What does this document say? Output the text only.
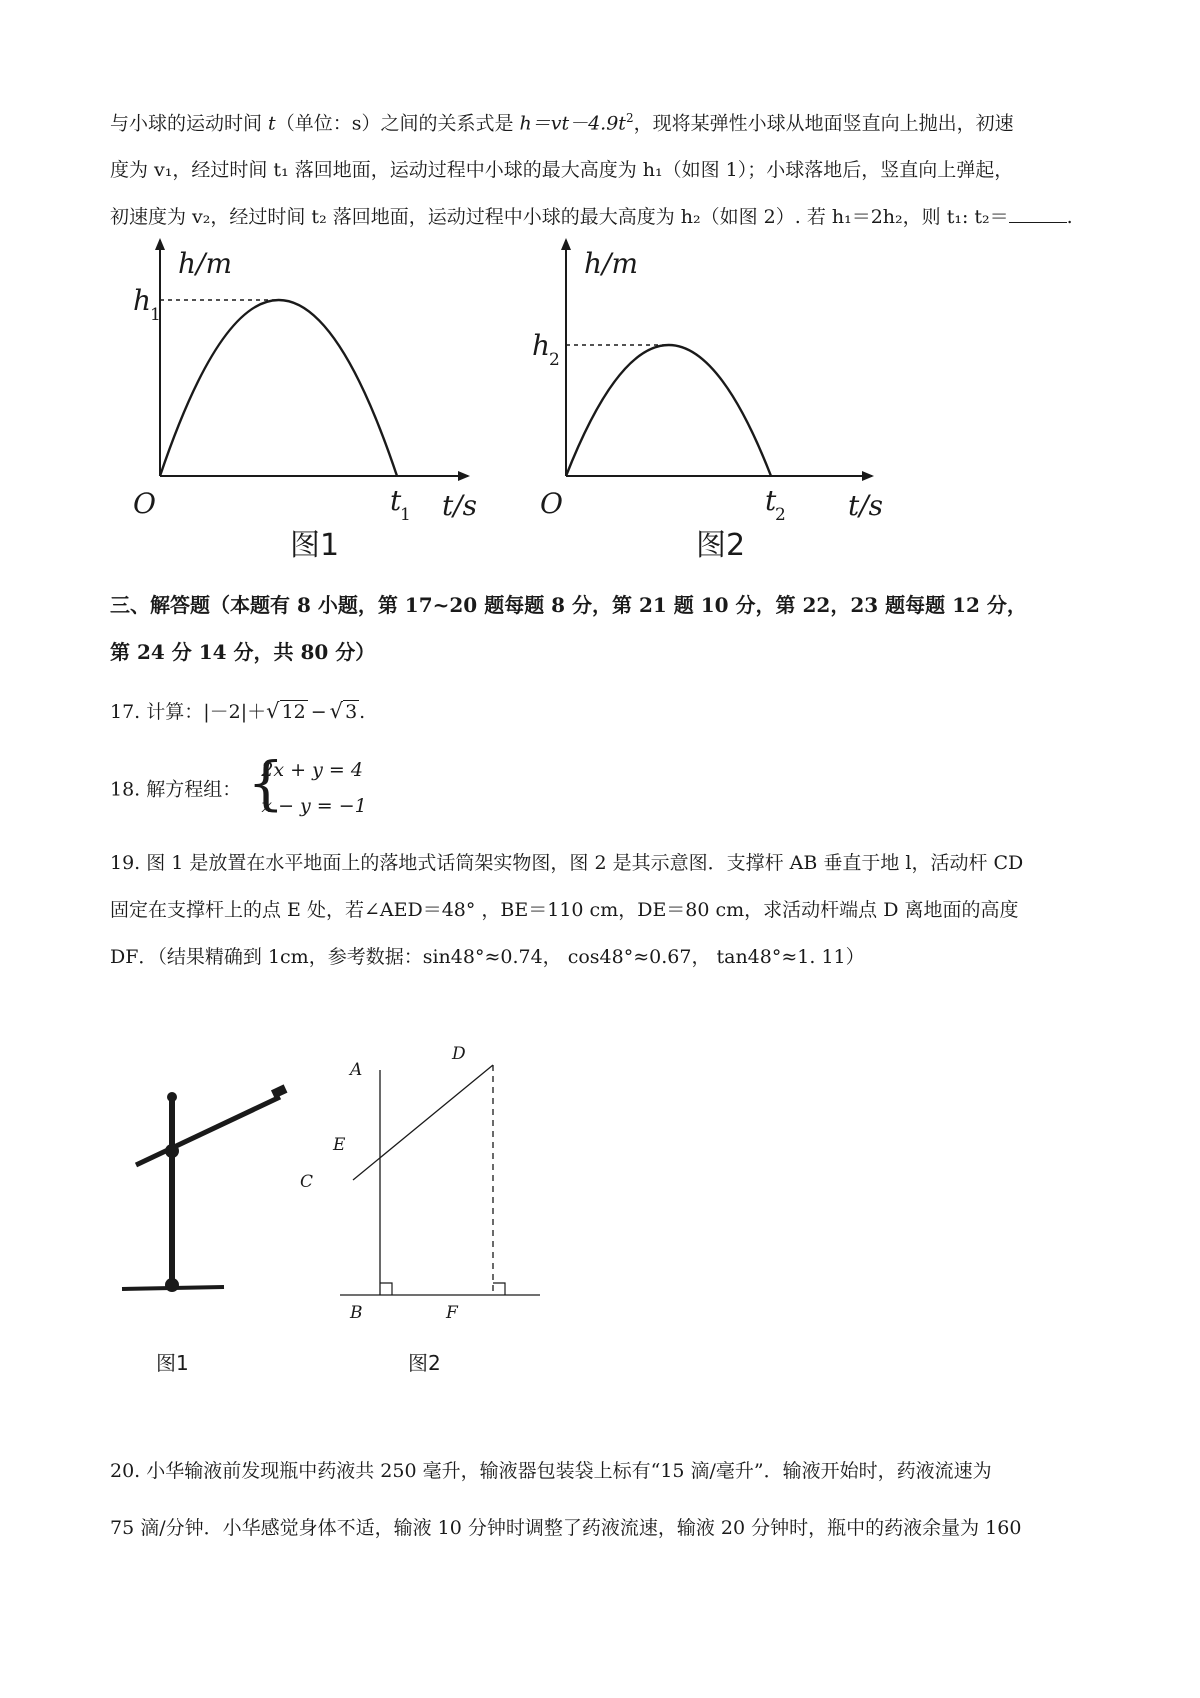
与小球的运动时间 t（单位：s）之间的关系式是 $h=vt-4.9t^2$，现将某弹性小球从地面竖直向上抛出，初速
度为 v₁，经过时间 t₁ 落回地面，运动过程中小球的最大高度为 h₁（如图 1）；小球落地后，竖直向上弹起，
初速度为 v₂，经过时间 t₂ 落回地面，运动过程中小球的最大高度为 h₂（如图 2）. 若 h₁＝2h₂，则 t₁: t₂＝	.
h/m
h
1
O	t
1 t/s
图1
h/m
h
2
O	t
2 t/s
图2
三、解答题（本题有 8 小题，第 17~20 题每题 8 分，第 21 题 10 分，第 22，23 题每题 12 分，
第 24 分 14 分，共 80 分）
17. 计算：|－2|＋√ 12 − √ 3 .
18. 解方程组： {
2x + y = 4
x − y = −1
19. 图 1 是放置在水平地面上的落地式话筒架实物图，图 2 是其示意图．支撑杆 AB 垂直于地 l，活动杆 CD
固定在支撑杆上的点 E 处，若∠AED＝48° ，BE＝110 cm，DE＝80 cm，求活动杆端点 D 离地面的高度
DF．（结果精确到 1cm，参考数据：sin48°≈0.74， cos48°≈0.67， tan48°≈1. 11）
图1
A
D
E
C
B	F
图2
20. 小华输液前发现瓶中药液共 250 毫升，输液器包装袋上标有“15 滴/毫升”．输液开始时，药液流速为
75 滴/分钟．小华感觉身体不适，输液 10 分钟时调整了药液流速，输液 20 分钟时，瓶中的药液余量为 160
